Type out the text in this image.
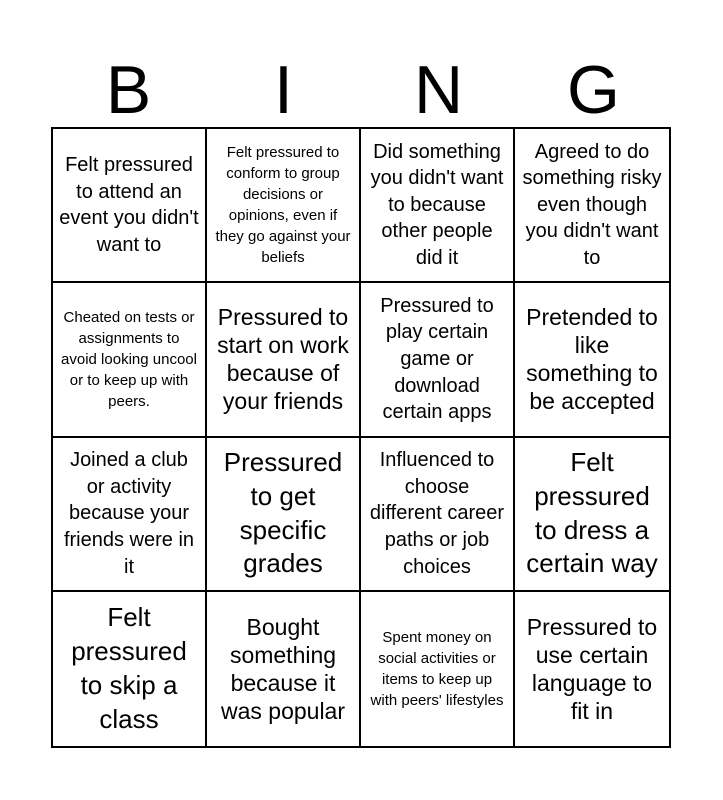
B	I	N	G
Felt pressured to attend an event you didn't want to
Felt pressured to conform to group decisions or opinions, even if they go against your beliefs
Did something you didn't want to because other people did it
Agreed to do something risky even though you didn't want to
Cheated on tests or assignments to avoid looking uncool or to keep up with peers.
Pressured to start on work because of your friends
Pressured to play certain game or download certain apps
Pretended to like something to be accepted
Joined a club or activity because your friends were in it
Pressured to get specific grades
Influenced to choose different career paths or job choices
Felt pressured to dress a certain way
Felt pressured to skip a class
Bought something because it was popular
Spent money on social activities or items to keep up with peers' lifestyles
Pressured to use certain language to fit in
